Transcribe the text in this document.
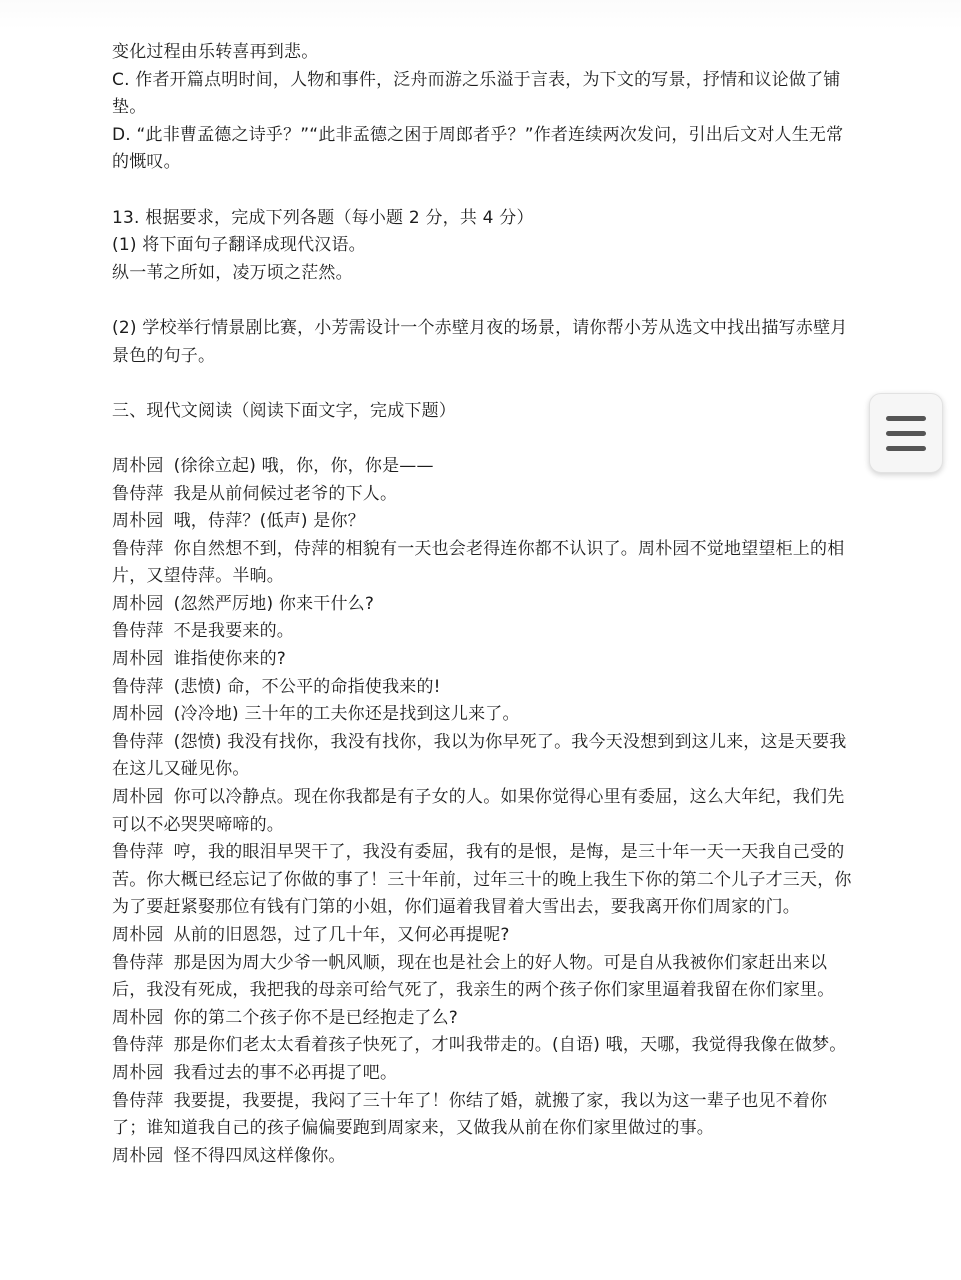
变化过程由乐转喜再到悲。

C. 作者开篇点明时间，人物和事件，泛舟而游之乐溢于言表，为下文的写景，抒情和议论做了铺垫。

D. “此非曹孟德之诗乎？”“此非孟德之困于周郎者乎？”作者连续两次发问，引出后文对人生无常的慨叹。

13. 根据要求，完成下列各题（每小题 2 分，共 4 分）

(1) 将下面句子翻译成现代汉语。

纵一苇之所如，凌万顷之茫然。

(2) 学校举行情景剧比赛，小芳需设计一个赤壁月夜的场景，请你帮小芳从选文中找出描写赤壁月景色的句子。

三、现代文阅读（阅读下面文字，完成下题）

周朴园 (徐徐立起) 哦，你，你，你是——

鲁侍萍 我是从前伺候过老爷的下人。

周朴园 哦，侍萍？(低声) 是你？

鲁侍萍 你自然想不到，侍萍的相貌有一天也会老得连你都不认识了。周朴园不觉地望望柜上的相片，又望侍萍。半晌。

周朴园 (忽然严厉地) 你来干什么?

鲁侍萍 不是我要来的。

周朴园 谁指使你来的?

鲁侍萍 (悲愤) 命，不公平的命指使我来的!

周朴园 (冷冷地) 三十年的工夫你还是找到这儿来了。

鲁侍萍 (怨愤) 我没有找你，我没有找你，我以为你早死了。我今天没想到到这儿来，这是天要我在这儿又碰见你。

周朴园 你可以冷静点。现在你我都是有子女的人。如果你觉得心里有委屈，这么大年纪，我们先可以不必哭哭啼啼的。

鲁侍萍 哼，我的眼泪早哭干了，我没有委屈，我有的是恨，是悔，是三十年一天一天我自己受的苦。你大概已经忘记了你做的事了！三十年前，过年三十的晚上我生下你的第二个儿子才三天，你为了要赶紧娶那位有钱有门第的小姐，你们逼着我冒着大雪出去，要我离开你们周家的门。

周朴园 从前的旧恩怨，过了几十年，又何必再提呢?

鲁侍萍 那是因为周大少爷一帆风顺，现在也是社会上的好人物。可是自从我被你们家赶出来以后，我没有死成，我把我的母亲可给气死了，我亲生的两个孩子你们家里逼着我留在你们家里。

周朴园 你的第二个孩子你不是已经抱走了么?

鲁侍萍 那是你们老太太看着孩子快死了，才叫我带走的。(自语) 哦，天哪，我觉得我像在做梦。

周朴园 我看过去的事不必再提了吧。

鲁侍萍 我要提，我要提，我闷了三十年了！你结了婚，就搬了家，我以为这一辈子也见不着你了；谁知道我自己的孩子偏偏要跑到周家来，又做我从前在你们家里做过的事。

周朴园 怪不得四凤这样像你。
